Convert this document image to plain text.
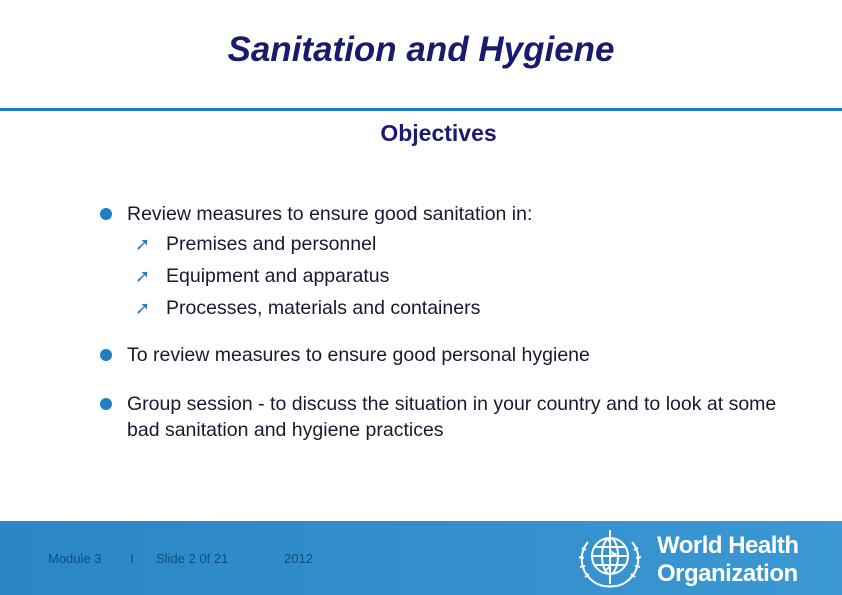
Sanitation and Hygiene
Objectives
Review measures to ensure good sanitation in:
➚ Premises and personnel
➚ Equipment and apparatus
➚ Processes, materials and containers
To review measures to ensure good personal hygiene
Group session - to discuss the situation in your country and to look at some bad sanitation and hygiene practices
Module 3 I Slide 2 0f 21	2012	World Health
Organization
